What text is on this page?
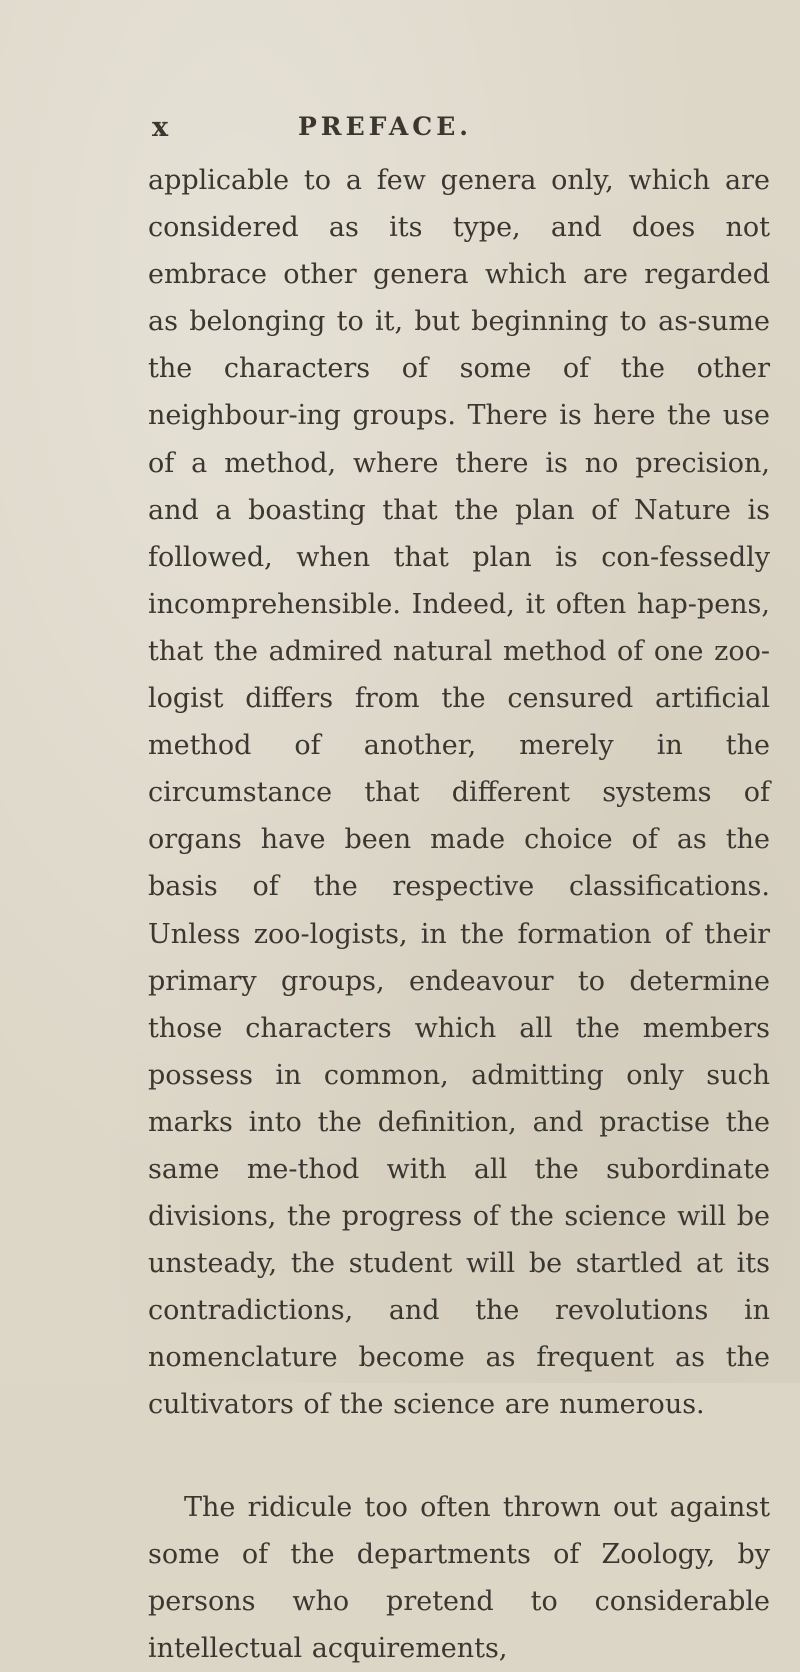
x	PREFACE.

applicable to a few genera only, which are considered as its type, and does not embrace other genera which are regarded as belonging to it, but beginning to as-sume the characters of some of the other neighbour-ing groups. There is here the use of a method, where there is no precision, and a boasting that the plan of Nature is followed, when that plan is con-fessedly incomprehensible. Indeed, it often hap-pens, that the admired natural method of one zoo-logist differs from the censured artificial method of another, merely in the circumstance that different systems of organs have been made choice of as the basis of the respective classifications. Unless zoo-logists, in the formation of their primary groups, endeavour to determine those characters which all the members possess in common, admitting only such marks into the definition, and practise the same me-thod with all the subordinate divisions, the progress of the science will be unsteady, the student will be startled at its contradictions, and the revolutions in nomenclature become as frequent as the cultivators of the science are numerous.

The ridicule too often thrown out against some of the departments of Zoology, by persons who pretend to considerable intellectual acquirements,
